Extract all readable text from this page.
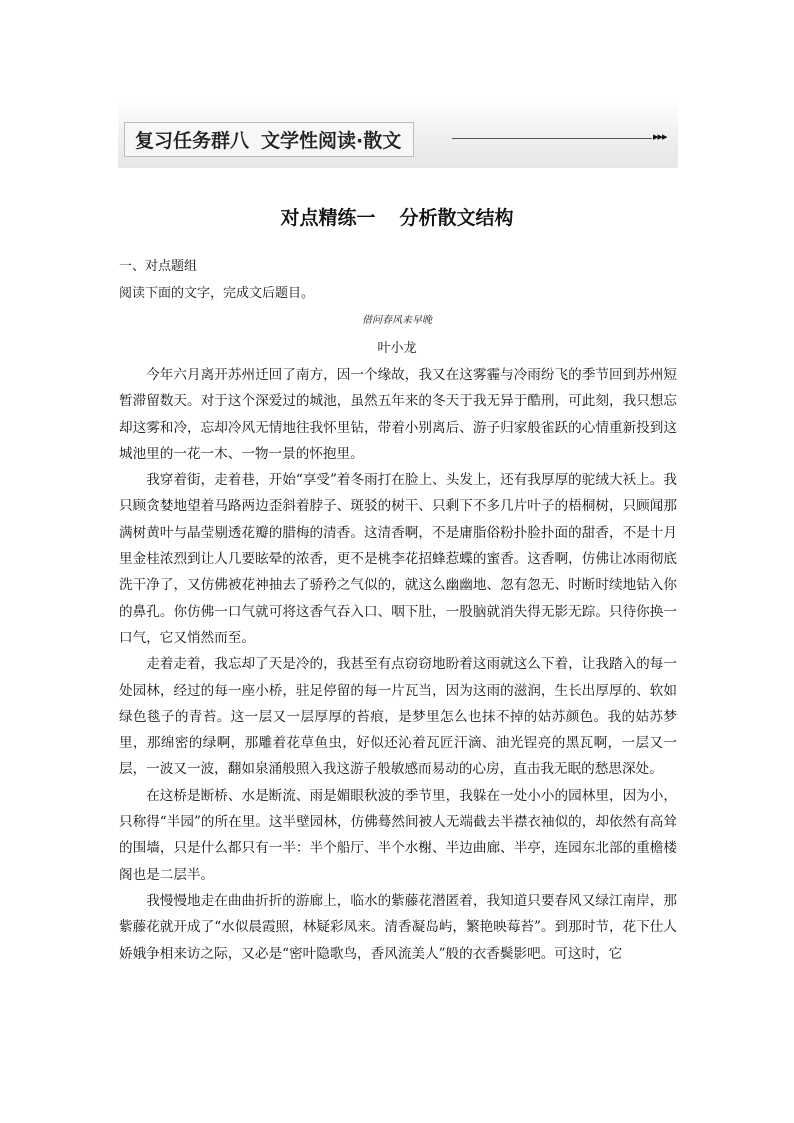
复习任务群八 文学性阅读·散文	▸▸▸
对点精练一 分析散文结构
一、对点题组
阅读下面的文字，完成文后题目。
借问春风来早晚
叶小龙

今年六月离开苏州迁回了南方，因一个缘故，我又在这雾霾与冷雨纷飞的季节回到苏州短暂滞留数天。对于这个深爱过的城池，虽然五年来的冬天于我无异于酷刑，可此刻，我只想忘却这雾和冷，忘却冷风无情地往我怀里钻，带着小别离后、游子归家般雀跃的心情重新投到这城池里的一花一木、一物一景的怀抱里。

我穿着街，走着巷，开始“享受”着冬雨打在脸上、头发上，还有我厚厚的驼绒大袄上。我只顾贪婪地望着马路两边歪斜着脖子、斑驳的树干、只剩下不多几片叶子的梧桐树，只顾闻那满树黄叶与晶莹剔透花瓣的腊梅的清香。这清香啊，不是庸脂俗粉扑脸扑面的甜香，不是十月里金桂浓烈到让人几要眩晕的浓香，更不是桃李花招蜂惹蝶的蜜香。这香啊，仿佛让冰雨彻底洗干净了，又仿佛被花神抽去了骄矜之气似的，就这么幽幽地、忽有忽无、时断时续地钻入你的鼻孔。你仿佛一口气就可将这香气吞入口、咽下肚，一股脑就消失得无影无踪。只待你换一口气，它又悄然而至。

走着走着，我忘却了天是冷的，我甚至有点窃窃地盼着这雨就这么下着，让我踏入的每一处园林，经过的每一座小桥，驻足停留的每一片瓦当，因为这雨的滋润，生长出厚厚的、软如绿色毯子的青苔。这一层又一层厚厚的苔痕，是梦里怎么也抹不掉的姑苏颜色。我的姑苏梦里，那绵密的绿啊，那雕着花草鱼虫，好似还沁着瓦匠汗滴、油光锃亮的黑瓦啊，一层又一层，一波又一波，翻如泉涌般照入我这游子般敏感而易动的心房，直击我无眠的愁思深处。

在这桥是断桥、水是断流、雨是媚眼秋波的季节里，我躲在一处小小的园林里，因为小，只称得“半园”的所在里。这半壁园林，仿佛蓦然间被人无端截去半襟衣袖似的，却依然有高耸的围墙，只是什么都只有一半：半个船厅、半个水榭、半边曲廊、半亭，连园东北部的重檐楼阁也是二层半。

我慢慢地走在曲曲折折的游廊上，临水的紫藤花潜匿着，我知道只要春风又绿江南岸，那紫藤花就开成了“水似晨霞照，林疑彩凤来。清香凝岛屿，繁艳映莓苔”。到那时节，花下仕人娇娥争相来访之际，又必是“密叶隐歌鸟，香风流美人”般的衣香鬓影吧。可这时，它
